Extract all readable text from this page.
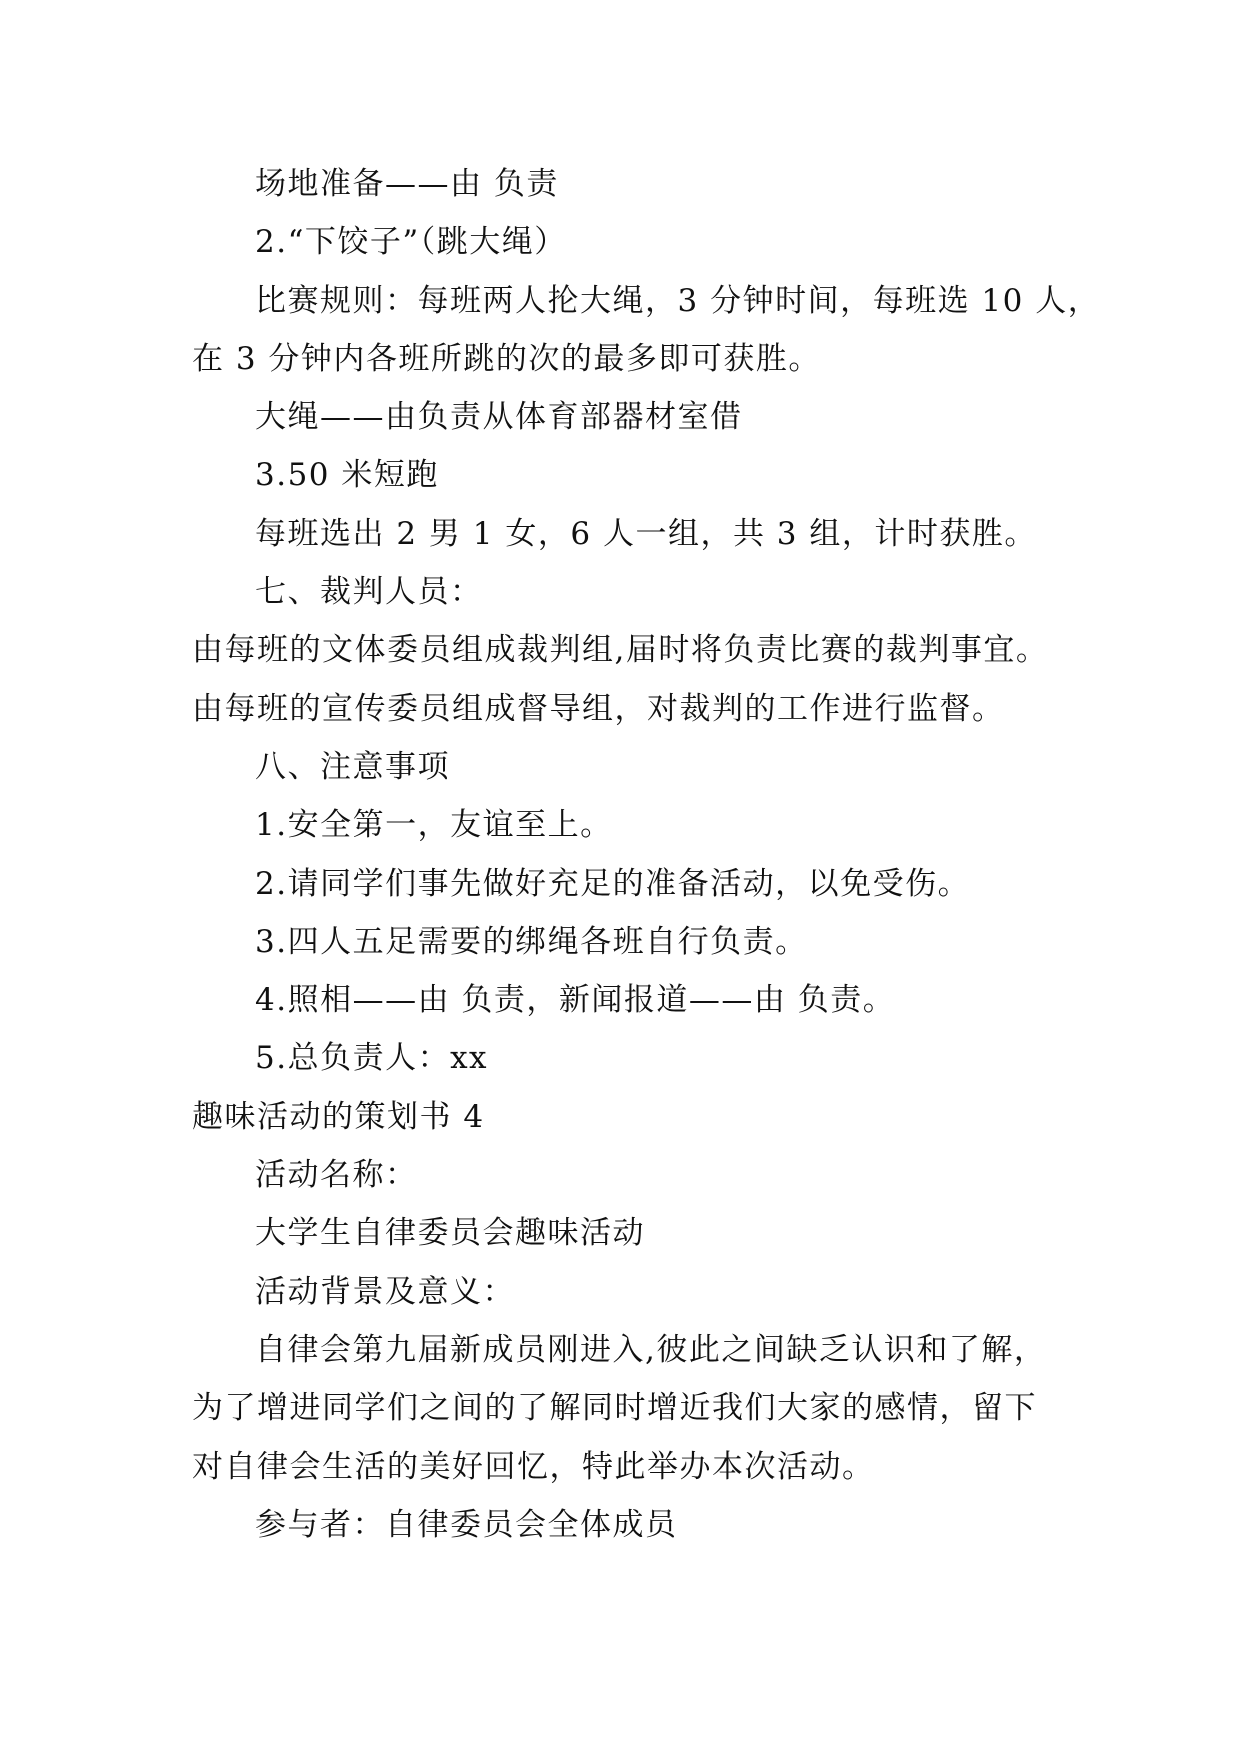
场地准备——由 负责
2.“下饺子”（跳大绳）
比赛规则：每班两人抡大绳，3 分钟时间，每班选 10 人，
在 3 分钟内各班所跳的次的最多即可获胜。
大绳——由负责从体育部器材室借
3.50 米短跑
每班选出 2 男 1 女，6 人一组，共 3 组，计时获胜。
七、裁判人员：
由每班的文体委员组成裁判组,届时将负责比赛的裁判事宜。
由每班的宣传委员组成督导组，对裁判的工作进行监督。
八、注意事项
1.安全第一，友谊至上。
2.请同学们事先做好充足的准备活动，以免受伤。
3.四人五足需要的绑绳各班自行负责。
4.照相——由 负责，新闻报道——由 负责。
5.总负责人：xx
趣味活动的策划书 4
活动名称：
大学生自律委员会趣味活动
活动背景及意义：
自律会第九届新成员刚进入,彼此之间缺乏认识和了解，
为了增进同学们之间的了解同时增近我们大家的感情，留下
对自律会生活的美好回忆，特此举办本次活动。
参与者：自律委员会全体成员
